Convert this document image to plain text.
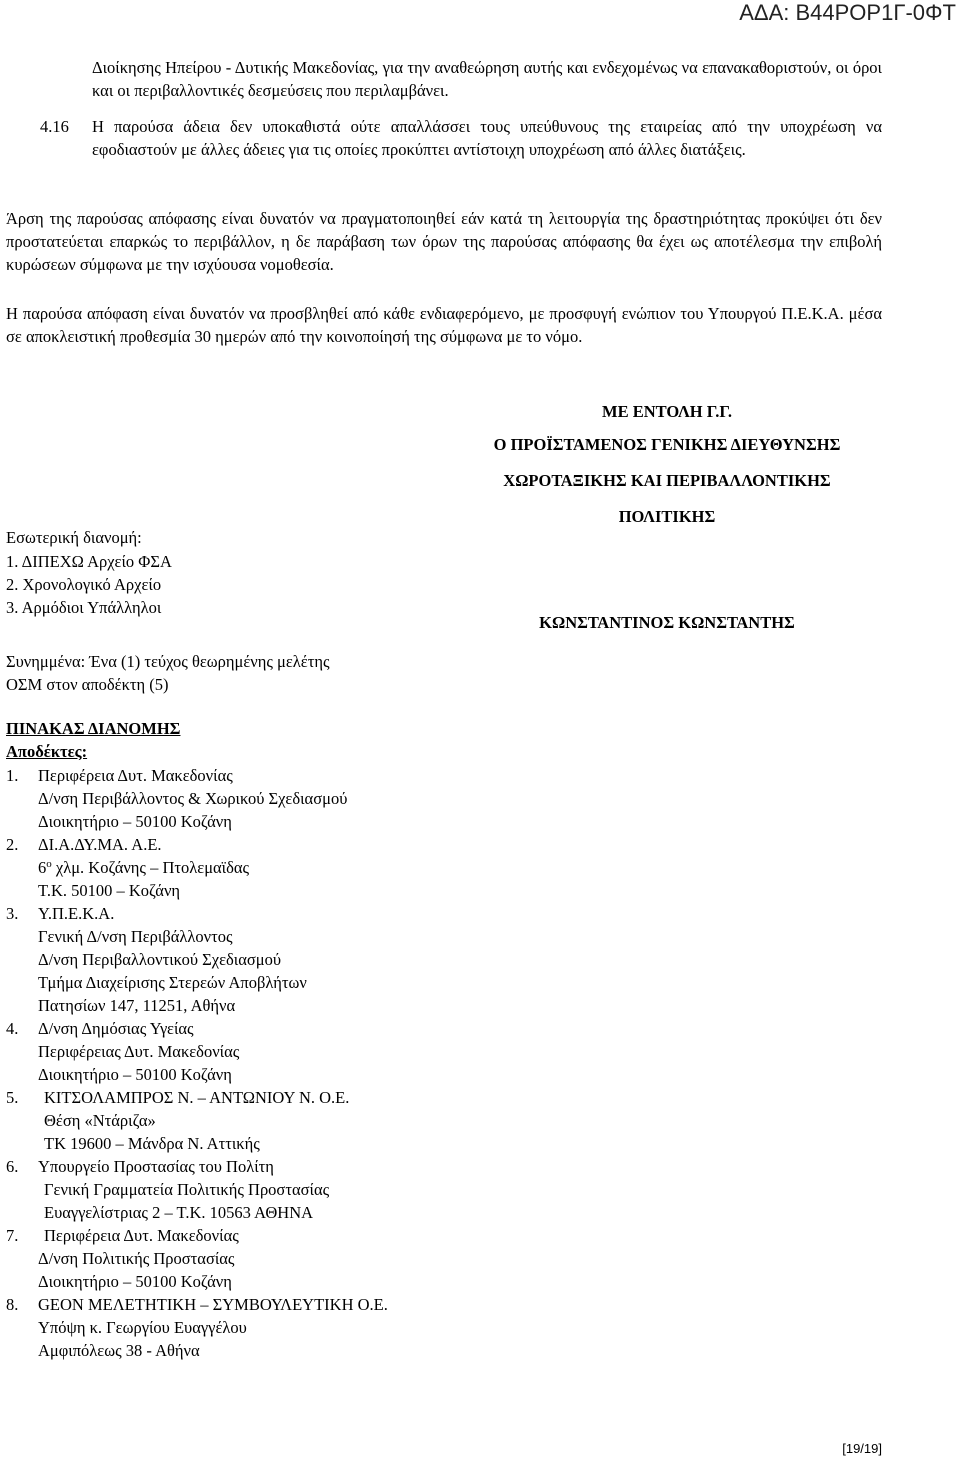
ΑΔΑ: Β44ΡΟΡ1Γ-0ΦΤ
Διοίκησης Ηπείρου - Δυτικής Μακεδονίας, για την αναθεώρηση αυτής και ενδεχομένως να επανακαθοριστούν, οι όροι και οι περιβαλλοντικές δεσμεύσεις που περιλαμβάνει.
4.16 Η παρούσα άδεια δεν υποκαθιστά ούτε απαλλάσσει τους υπεύθυνους της εταιρείας από την υποχρέωση να εφοδιαστούν με άλλες άδειες για τις οποίες προκύπτει αντίστοιχη υποχρέωση από άλλες διατάξεις.
Άρση της παρούσας απόφασης είναι δυνατόν να πραγματοποιηθεί εάν κατά τη λειτουργία της δραστηριότητας προκύψει ότι δεν προστατεύεται επαρκώς το περιβάλλον, η δε παράβαση των όρων της παρούσας απόφασης θα έχει ως αποτέλεσμα την επιβολή κυρώσεων σύμφωνα με την ισχύουσα νομοθεσία.
Η παρούσα απόφαση είναι δυνατόν να προσβληθεί από κάθε ενδιαφερόμενο, με προσφυγή ενώπιον του Υπουργού Π.Ε.Κ.Α. μέσα σε αποκλειστική προθεσμία 30 ημερών από την κοινοποίησή της σύμφωνα με το νόμο.
ΜΕ ΕΝΤΟΛΗ Γ.Γ.
Ο ΠΡΟΪΣΤΑΜΕΝΟΣ ΓΕΝΙΚΗΣ ΔΙΕΥΘΥΝΣΗΣ
ΧΩΡΟΤΑΞΙΚΗΣ ΚΑΙ ΠΕΡΙΒΑΛΛΟΝΤΙΚΗΣ
ΠΟΛΙΤΙΚΗΣ
ΚΩΝΣΤΑΝΤΙΝΟΣ ΚΩΝΣΤΑΝΤΗΣ
Εσωτερική διανομή:
1. ΔΙΠΕΧΩ Αρχείο ΦΣΑ
2. Χρονολογικό Αρχείο
3. Αρμόδιοι Υπάλληλοι
Συνημμένα: Ένα (1) τεύχος θεωρημένης μελέτης
ΟΣΜ στον αποδέκτη (5)
ΠΙΝΑΚΑΣ ΔΙΑΝΟΜΗΣ
Αποδέκτες:
1.	Περιφέρεια Δυτ. Μακεδονίας
Δ/νση Περιβάλλοντος & Χωρικού Σχεδιασμού
Διοικητήριο – 50100 Κοζάνη
2.	ΔΙ.Α.ΔΥ.ΜΑ. Α.Ε.
$6^o$ χλμ. Κοζάνης – Πτολεμαϊδας
Τ.Κ. 50100 – Κοζάνη
3.	Υ.Π.Ε.Κ.Α.
Γενική Δ/νση Περιβάλλοντος
Δ/νση Περιβαλλοντικού Σχεδιασμού
Τμήμα Διαχείρισης Στερεών Αποβλήτων
Πατησίων 147, 11251, Αθήνα
4.	Δ/νση Δημόσιας Υγείας
Περιφέρειας Δυτ. Μακεδονίας
Διοικητήριο – 50100 Κοζάνη
5.	ΚΙΤΣΟΛΑΜΠΡΟΣ Ν. – ΑΝΤΩΝΙΟΥ Ν. Ο.Ε.
Θέση «Ντάριζα»
ΤΚ 19600 – Μάνδρα Ν. Αττικής
6.	Υπουργείο Προστασίας του Πολίτη
Γενική Γραμματεία Πολιτικής Προστασίας
Ευαγγελίστριας 2 – Τ.Κ. 10563 ΑΘΗΝΑ
7.	Περιφέρεια Δυτ. Μακεδονίας
Δ/νση Πολιτικής Προστασίας
Διοικητήριο – 50100 Κοζάνη
8.	GEON ΜΕΛΕΤΗΤΙΚΗ – ΣΥΜΒΟΥΛΕΥΤΙΚΗ Ο.Ε.
Υπόψη κ. Γεωργίου Ευαγγέλου
Αμφιπόλεως 38 - Αθήνα
[19/19]
